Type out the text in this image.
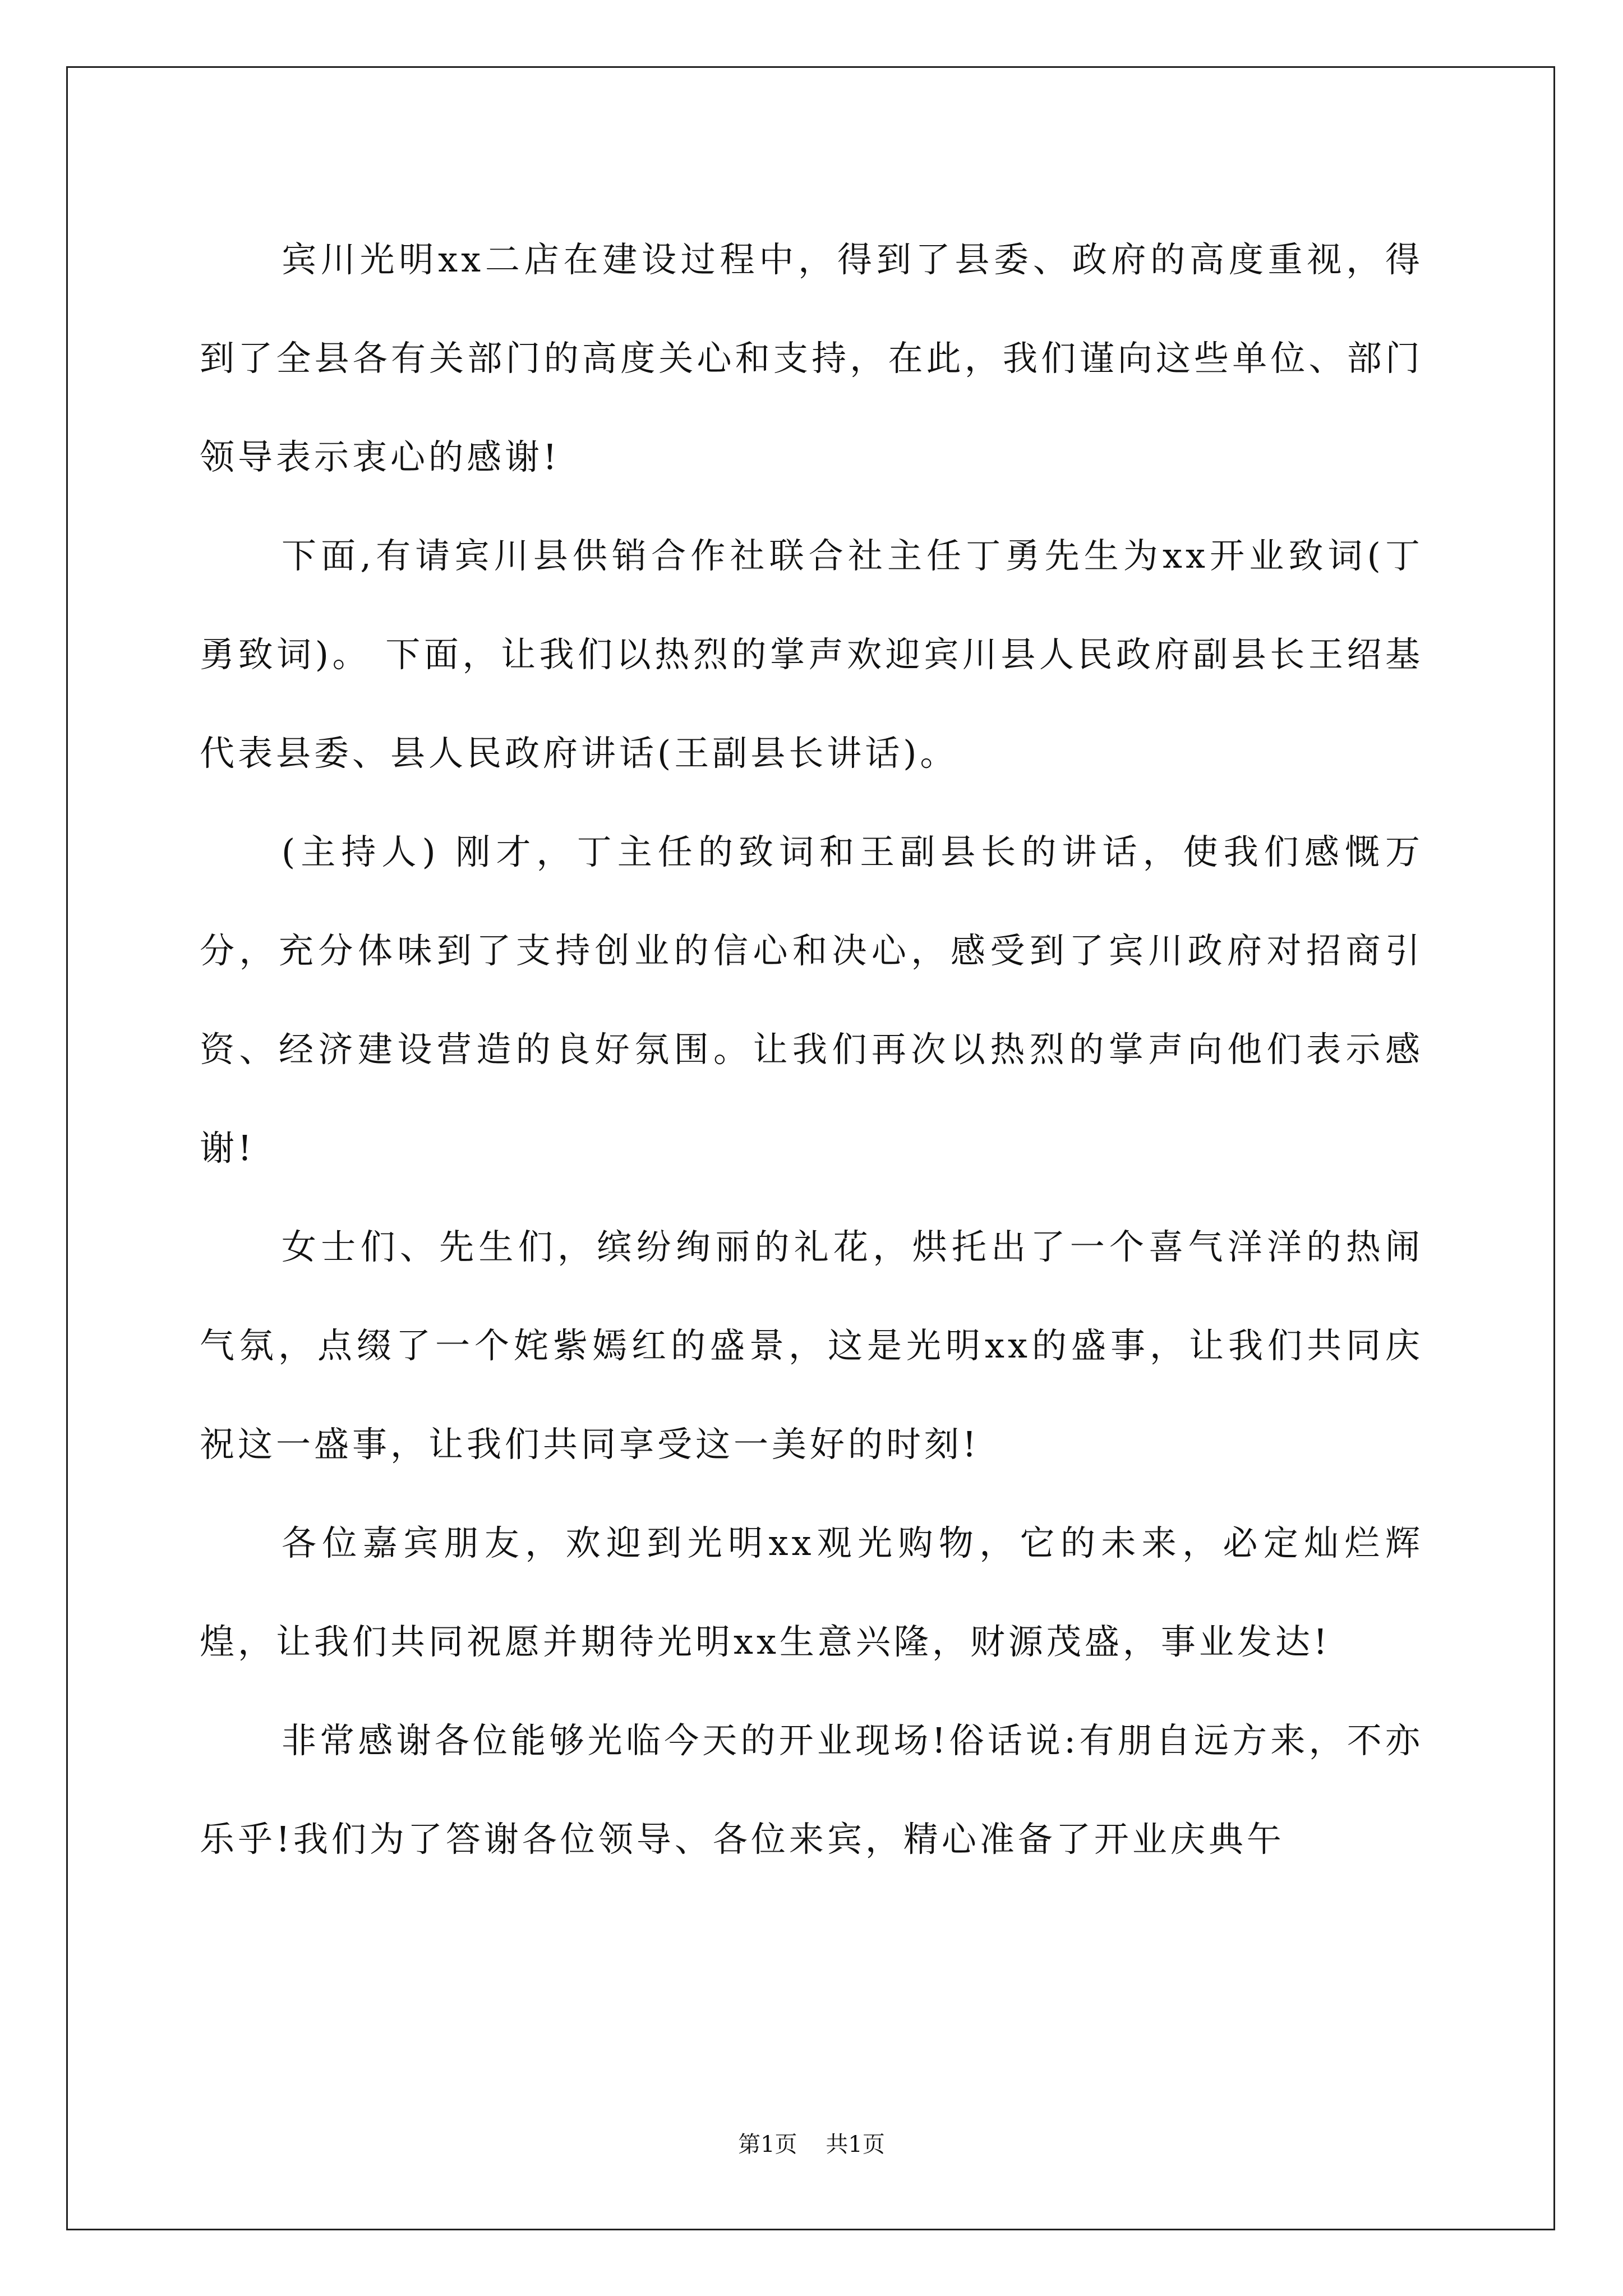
宾川光明xx二店在建设过程中，得到了县委、政府的高度重视，得到了全县各有关部门的高度关心和支持，在此，我们谨向这些单位、部门领导表示衷心的感谢!

下面,有请宾川县供销合作社联合社主任丁勇先生为xx开业致词(丁勇致词)。 下面，让我们以热烈的掌声欢迎宾川县人民政府副县长王绍基代表县委、县人民政府讲话(王副县长讲话)。

(主持人) 刚才，丁主任的致词和王副县长的讲话，使我们感慨万分，充分体味到了支持创业的信心和决心，感受到了宾川政府对招商引资、经济建设营造的良好氛围。让我们再次以热烈的掌声向他们表示感谢!

女士们、先生们，缤纷绚丽的礼花，烘托出了一个喜气洋洋的热闹气氛，点缀了一个姹紫嫣红的盛景，这是光明xx的盛事，让我们共同庆祝这一盛事，让我们共同享受这一美好的时刻!

各位嘉宾朋友，欢迎到光明xx观光购物，它的未来，必定灿烂辉煌，让我们共同祝愿并期待光明xx生意兴隆，财源茂盛，事业发达!

非常感谢各位能够光临今天的开业现场!俗话说:有朋自远方来，不亦乐乎!我们为了答谢各位领导、各位来宾，精心准备了开业庆典午

第1页 共1页
